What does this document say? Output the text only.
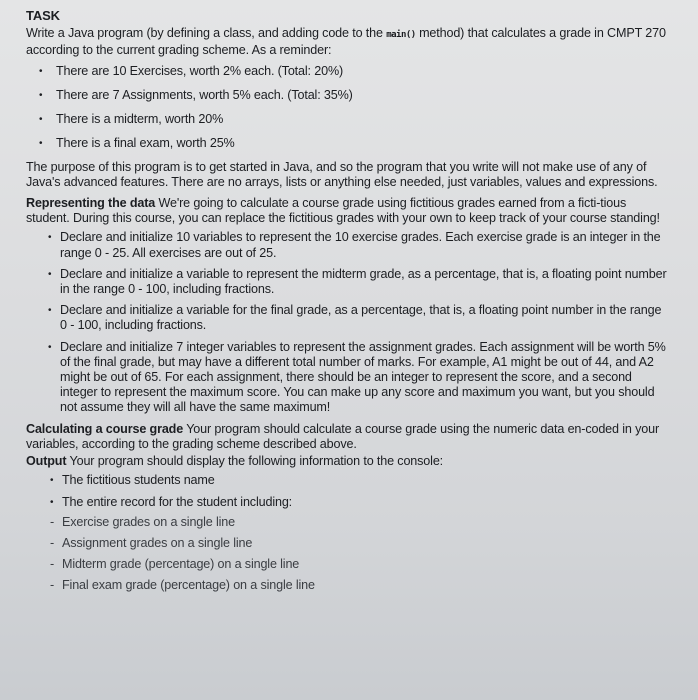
TASK

Write a Java program (by defining a class, and adding code to the main() method) that calculates a grade in CMPT 270 according to the current grading scheme. As a reminder:

• There are 10 Exercises, worth 2% each. (Total: 20%)
• There are 7 Assignments, worth 5% each. (Total: 35%)
• There is a midterm, worth 20%
• There is a final exam, worth 25%

The purpose of this program is to get started in Java, and so the program that you write will not make use of any of Java's advanced features. There are no arrays, lists or anything else needed, just variables, values and expressions.

Representing the data We're going to calculate a course grade using fictitious grades earned from a ficti-tious student. During this course, you can replace the fictitious grades with your own to keep track of your course standing!

• Declare and initialize 10 variables to represent the 10 exercise grades. Each exercise grade is an integer in the range 0 - 25. All exercises are out of 25.
• Declare and initialize a variable to represent the midterm grade, as a percentage, that is, a floating point number in the range 0 - 100, including fractions.
• Declare and initialize a variable for the final grade, as a percentage, that is, a floating point number in the range 0 - 100, including fractions.
• Declare and initialize 7 integer variables to represent the assignment grades. Each assignment will be worth 5% of the final grade, but may have a different total number of marks. For example, A1 might be out of 44, and A2 might be out of 65. For each assignment, there should be an integer to represent the score, and a second integer to represent the maximum score. You can make up any score and maximum you want, but you should not assume they will all have the same maximum!

Calculating a course grade Your program should calculate a course grade using the numeric data en-coded in your variables, according to the grading scheme described above.

Output Your program should display the following information to the console:

• The fictitious students name
• The entire record for the student including:
- Exercise grades on a single line
- Assignment grades on a single line
- Midterm grade (percentage) on a single line
- Final exam grade (percentage) on a single line
